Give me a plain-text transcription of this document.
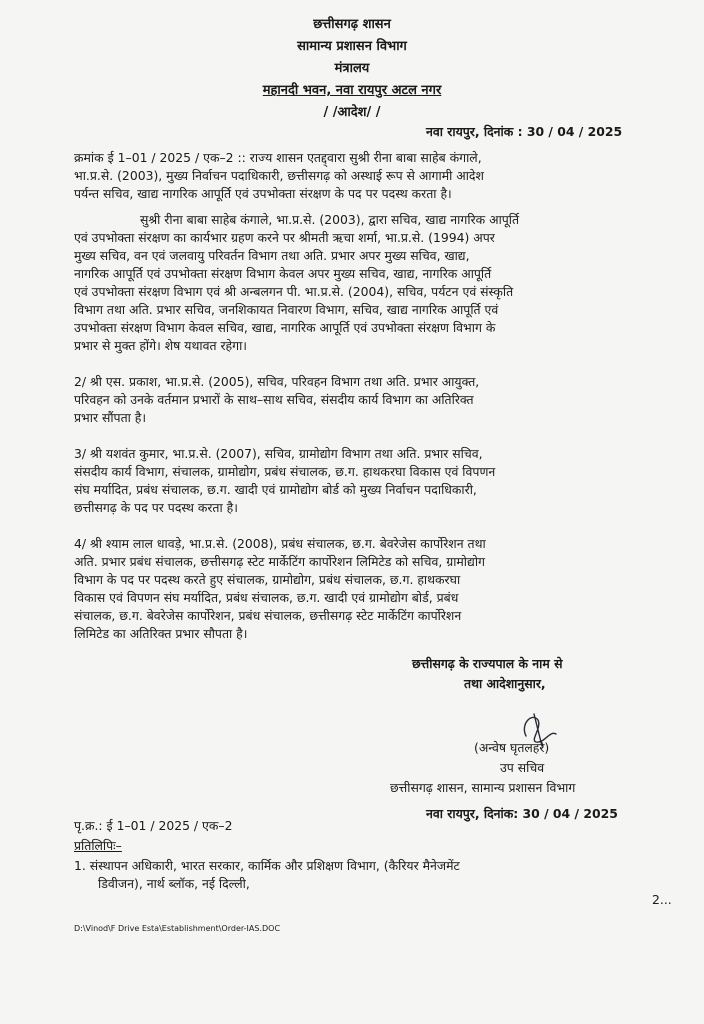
छत्तीसगढ़ शासन
सामान्य प्रशासन विभाग
मंत्रालय
महानदी भवन, नवा रायपुर अटल नगर
/ /आदेश/ /
नवा रायपुर, दिनांक : 30 / 04 / 2025
क्रमांक ई 1–01 / 2025 / एक–2 :: राज्य शासन एतद्द्वारा सुश्री रीना बाबा साहेब कंगाले,
भा.प्र.से. (2003), मुख्य निर्वाचन पदाधिकारी, छत्तीसगढ़ को अस्थाई रूप से आगामी आदेश
पर्यन्त सचिव, खाद्य नागरिक आपूर्ति एवं उपभोक्ता संरक्षण के पद पर पदस्थ करता है।
सुश्री रीना बाबा साहेब कंगाले, भा.प्र.से. (2003), द्वारा सचिव, खाद्य नागरिक आपूर्ति
एवं उपभोक्ता संरक्षण का कार्यभार ग्रहण करने पर श्रीमती ऋचा शर्मा, भा.प्र.से. (1994) अपर
मुख्य सचिव, वन एवं जलवायु परिवर्तन विभाग तथा अति. प्रभार अपर मुख्य सचिव, खाद्य,
नागरिक आपूर्ति एवं उपभोक्ता संरक्षण विभाग केवल अपर मुख्य सचिव, खाद्य, नागरिक आपूर्ति
एवं उपभोक्ता संरक्षण विभाग एवं श्री अन्बलगन पी. भा.प्र.से. (2004), सचिव, पर्यटन एवं संस्कृति
विभाग तथा अति. प्रभार सचिव, जनशिकायत निवारण विभाग, सचिव, खाद्य नागरिक आपूर्ति एवं
उपभोक्ता संरक्षण विभाग केवल सचिव, खाद्य, नागरिक आपूर्ति एवं उपभोक्ता संरक्षण विभाग के
प्रभार से मुक्त होंगे। शेष यथावत रहेगा।
2/ श्री एस. प्रकाश, भा.प्र.से. (2005), सचिव, परिवहन विभाग तथा अति. प्रभार आयुक्त,
परिवहन को उनके वर्तमान प्रभारों के साथ–साथ सचिव, संसदीय कार्य विभाग का अतिरिक्त
प्रभार सौंपता है।
3/ श्री यशवंत कुमार, भा.प्र.से. (2007), सचिव, ग्रामोद्योग विभाग तथा अति. प्रभार सचिव,
संसदीय कार्य विभाग, संचालक, ग्रामोद्योग, प्रबंध संचालक, छ.ग. हाथकरघा विकास एवं विपणन
संघ मर्यादित, प्रबंध संचालक, छ.ग. खादी एवं ग्रामोद्योग बोर्ड को मुख्य निर्वाचन पदाधिकारी,
छत्तीसगढ़ के पद पर पदस्थ करता है।
4/ श्री श्याम लाल धावड़े, भा.प्र.से. (2008), प्रबंध संचालक, छ.ग. बेवरेजेस कार्पोरेशन तथा
अति. प्रभार प्रबंध संचालक, छत्तीसगढ़ स्टेट मार्केटिंग कार्पोरेशन लिमिटेड को सचिव, ग्रामोद्योग
विभाग के पद पर पदस्थ करते हुए संचालक, ग्रामोद्योग, प्रबंध संचालक, छ.ग. हाथकरघा
विकास एवं विपणन संघ मर्यादित, प्रबंध संचालक, छ.ग. खादी एवं ग्रामोद्योग बोर्ड, प्रबंध
संचालक, छ.ग. बेवरेजेस कार्पोरेशन, प्रबंध संचालक, छत्तीसगढ़ स्टेट मार्केटिंग कार्पोरेशन
लिमिटेड का अतिरिक्त प्रभार सौपता है।
छत्तीसगढ़ के राज्यपाल के नाम से
तथा आदेशानुसार,
(अन्वेष घृतलहरे)
उप सचिव
छत्तीसगढ़ शासन, सामान्य प्रशासन विभाग
नवा रायपुर, दिनांक: 30 / 04 / 2025
पृ.क्र.: ई 1–01 / 2025 / एक–2
प्रतिलिपिः–
1. संस्थापन अधिकारी, भारत सरकार, कार्मिक और प्रशिक्षण विभाग, (कैरियर मैनेजमेंट
डिवीजन), नार्थ ब्लॉक, नई दिल्ली,
2...
D:\Vinod\F Drive Esta\Establishment\Order-IAS.DOC
